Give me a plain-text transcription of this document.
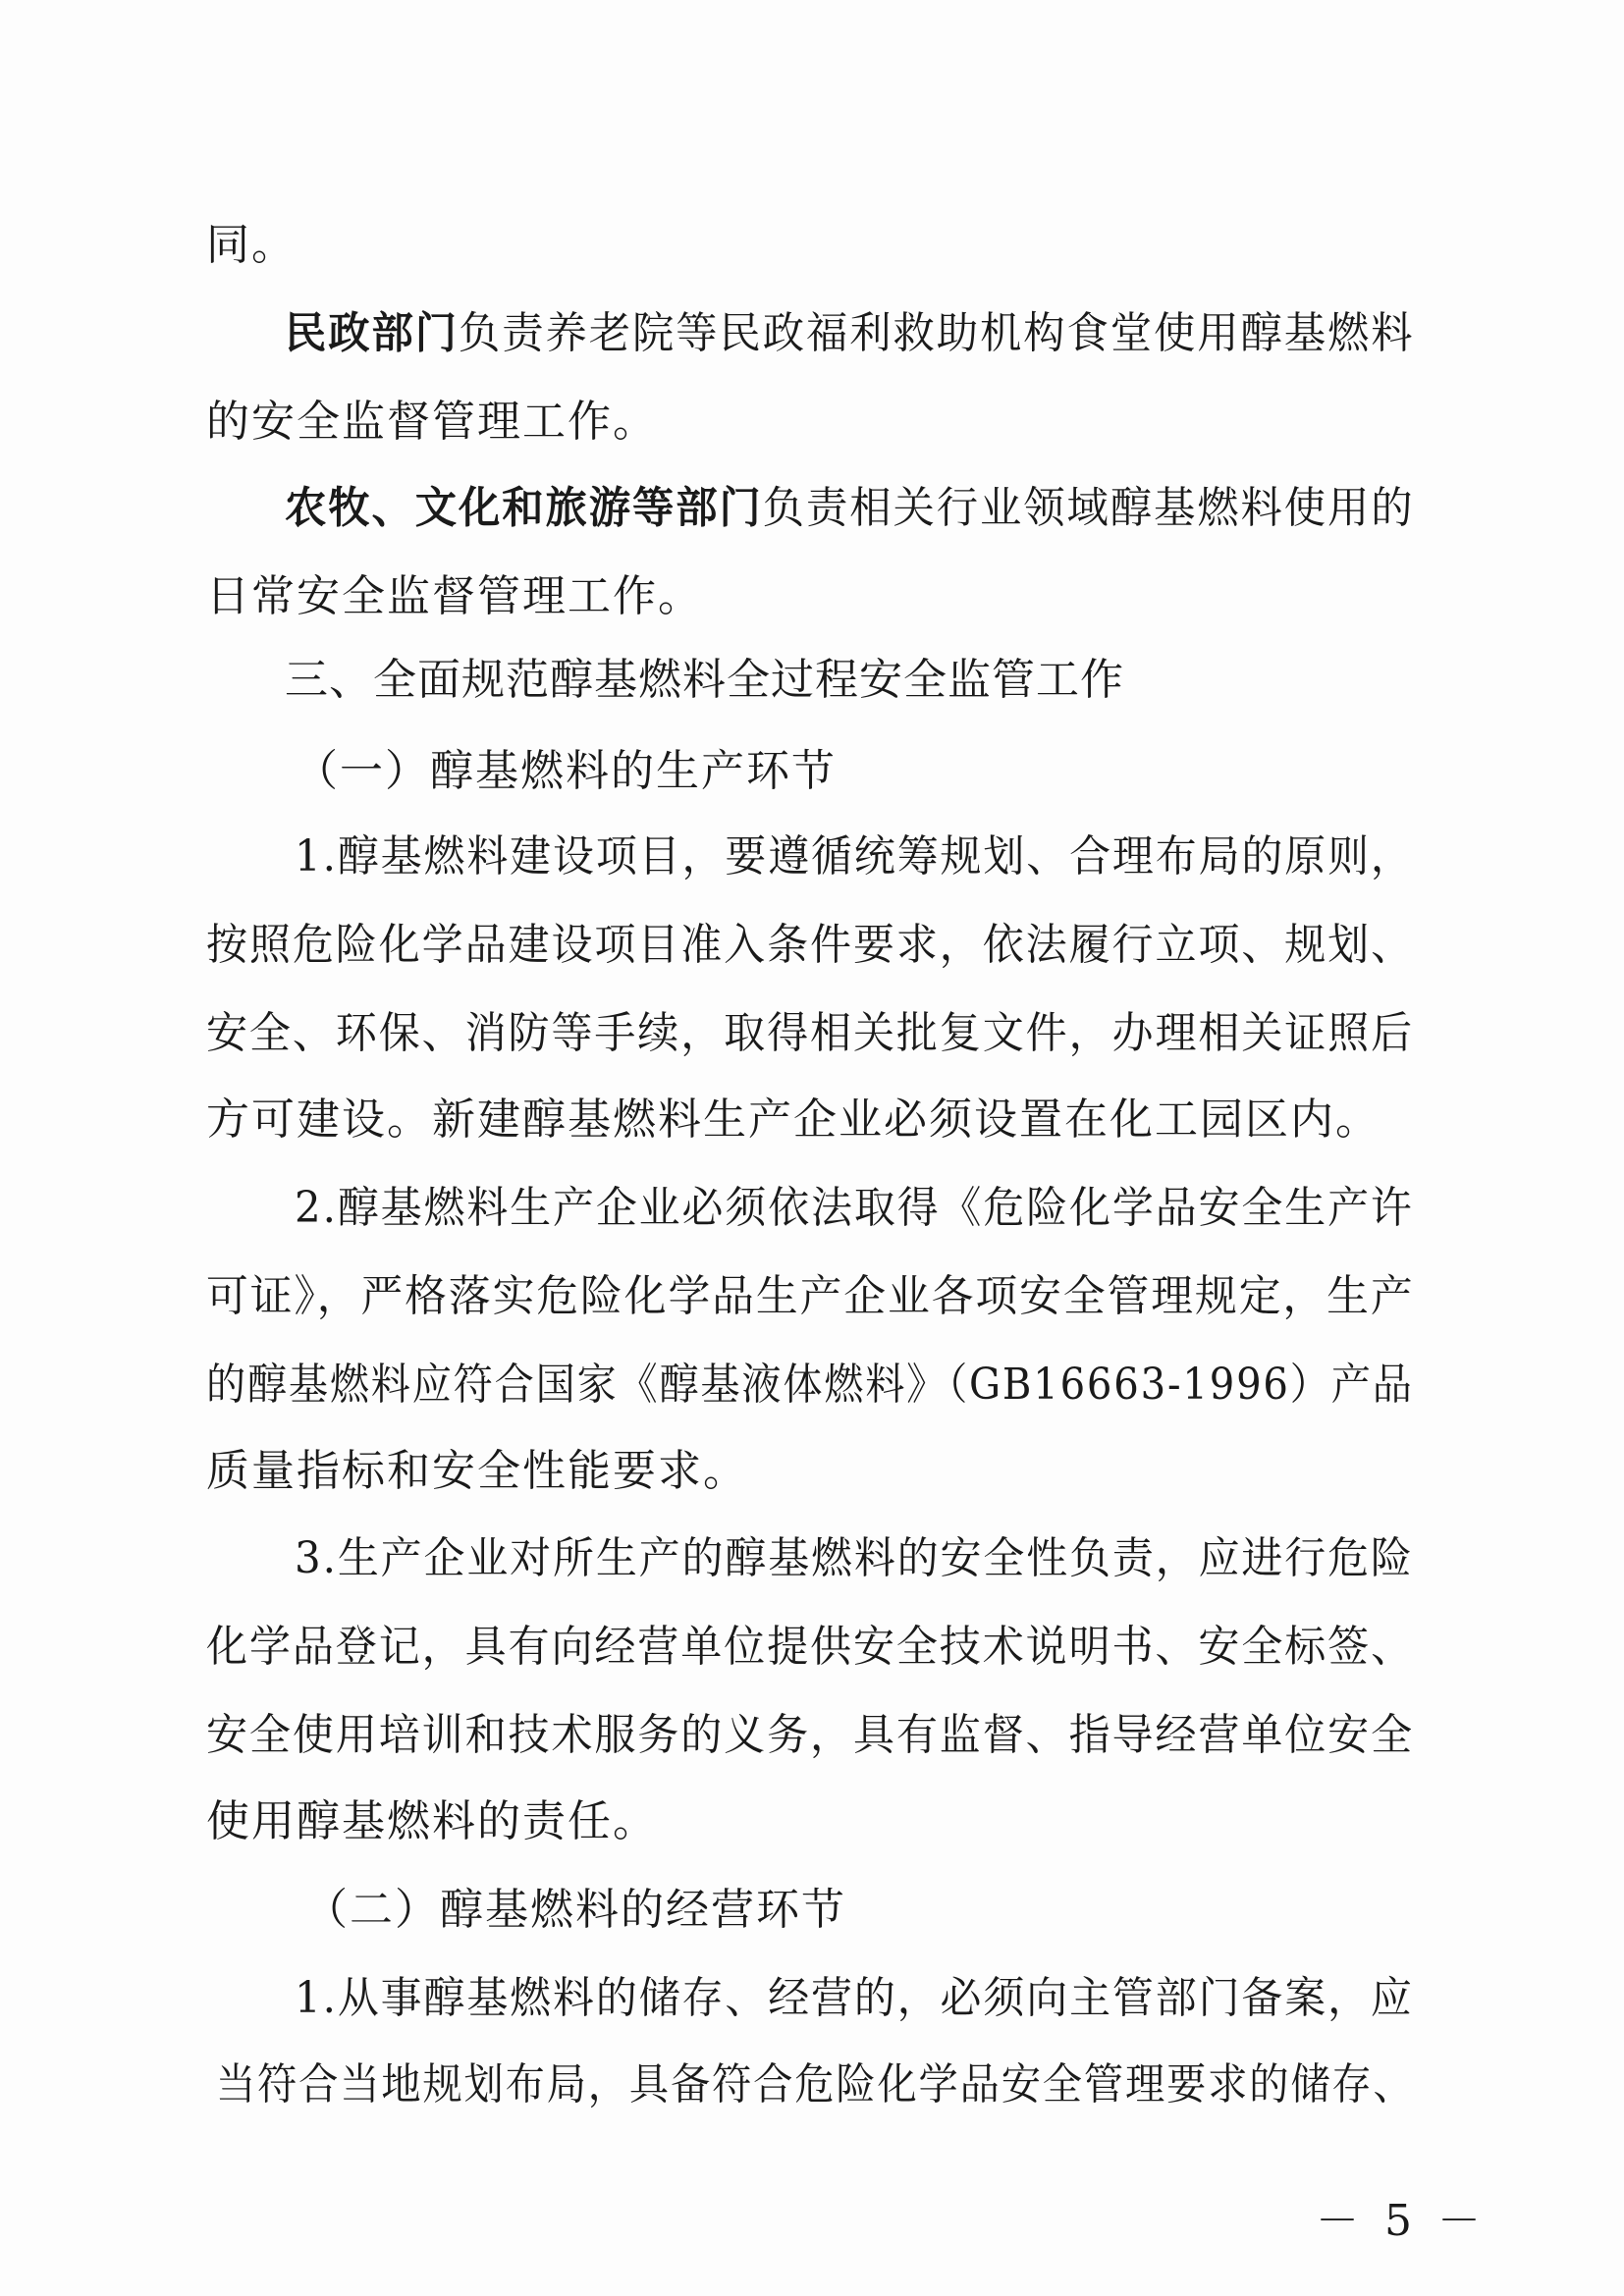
同。
民政部门负责养老院等民政福利救助机构食堂使用醇基燃料
的安全监督管理工作。
农牧、文化和旅游等部门负责相关行业领域醇基燃料使用的
日常安全监督管理工作。
三、全面规范醇基燃料全过程安全监管工作
（一）醇基燃料的生产环节
1.醇基燃料建设项目，要遵循统筹规划、合理布局的原则，
按照危险化学品建设项目准入条件要求，依法履行立项、规划、
安全、环保、消防等手续，取得相关批复文件，办理相关证照后
方可建设。新建醇基燃料生产企业必须设置在化工园区内。
2.醇基燃料生产企业必须依法取得《危险化学品安全生产许
可证》，严格落实危险化学品生产企业各项安全管理规定，生产
的醇基燃料应符合国家《醇基液体燃料》（GB16663-1996）产品
质量指标和安全性能要求。
3.生产企业对所生产的醇基燃料的安全性负责，应进行危险
化学品登记，具有向经营单位提供安全技术说明书、安全标签、
安全使用培训和技术服务的义务，具有监督、指导经营单位安全
使用醇基燃料的责任。
（二）醇基燃料的经营环节
1.从事醇基燃料的储存、经营的，必须向主管部门备案，应
当符合当地规划布局，具备符合危险化学品安全管理要求的储存、
－ 5 －
